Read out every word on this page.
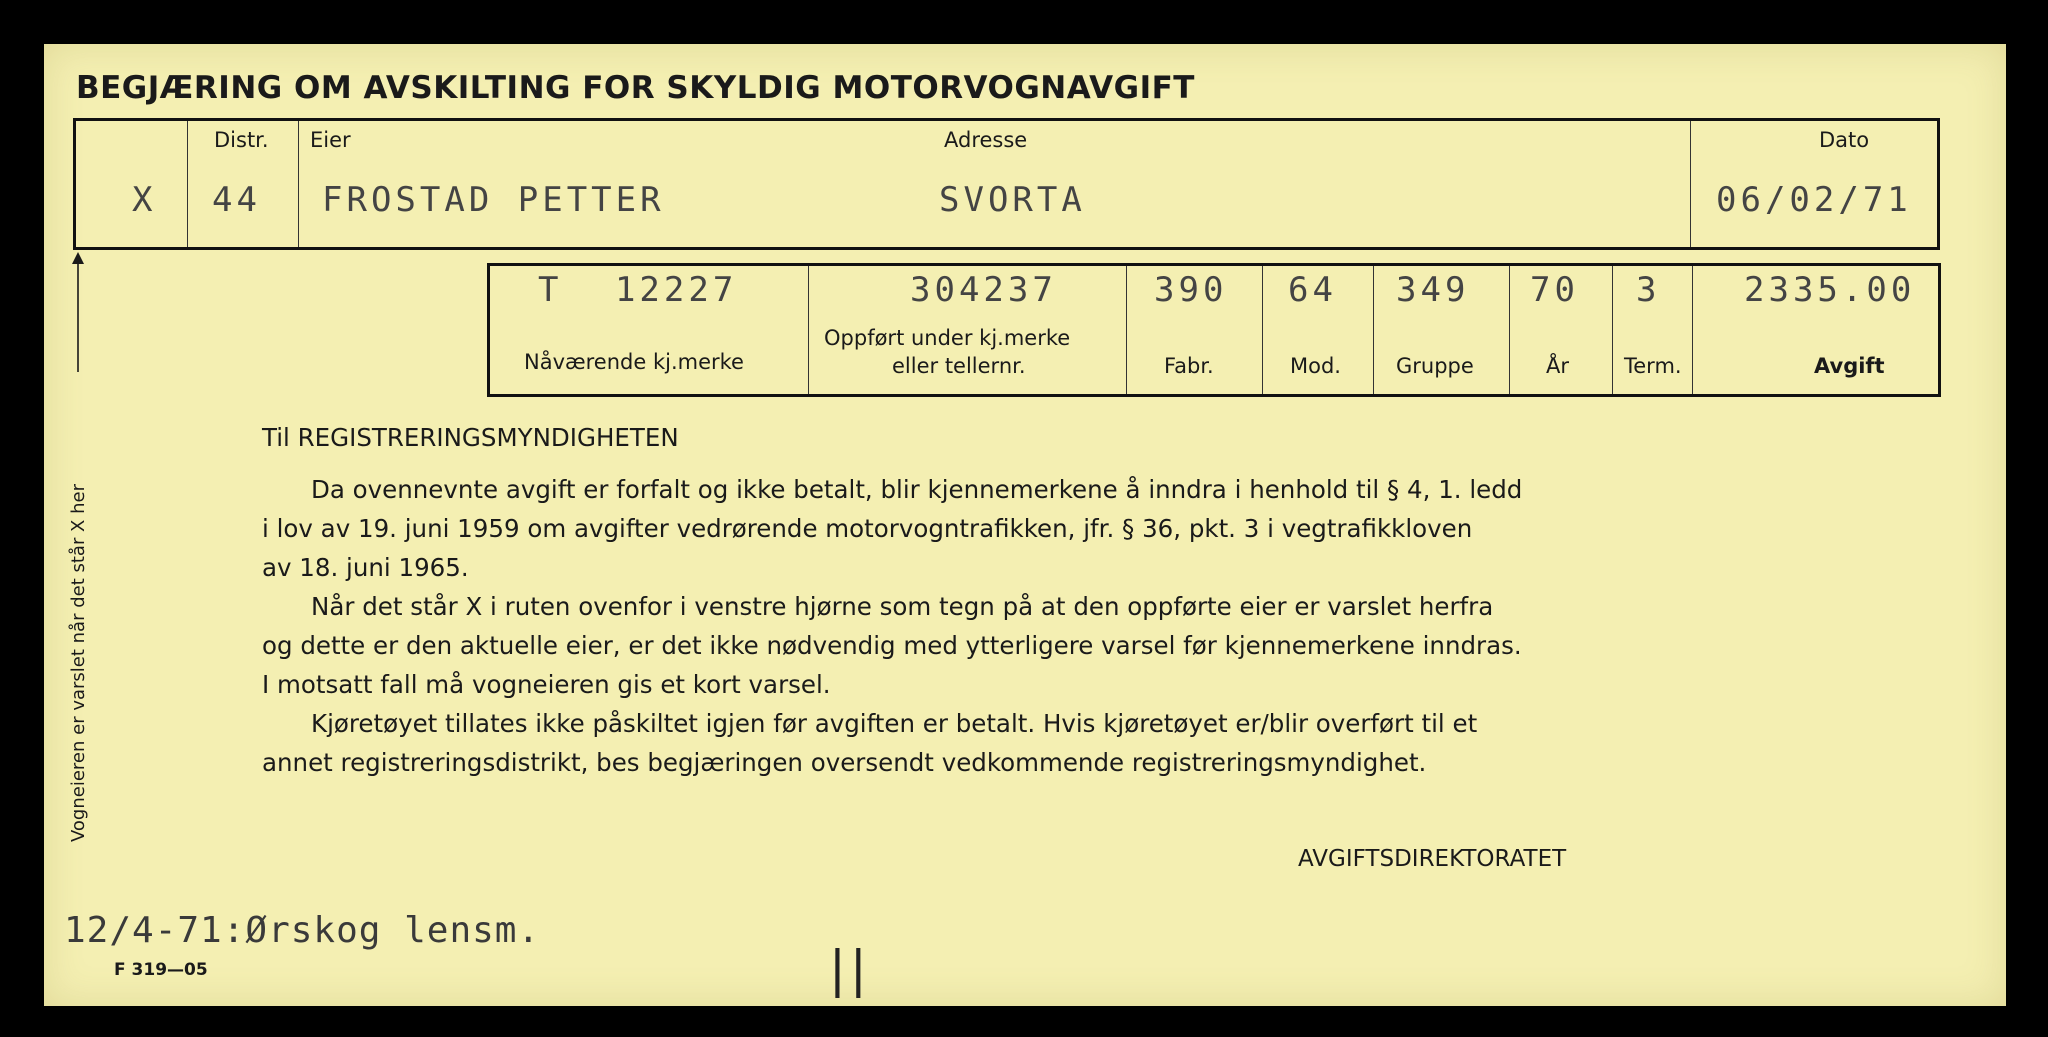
BEGJÆRING OM AVSKILTING FOR SKYLDIG MOTORVOGNAVGIFT
X
Distr.
44
Eier
FROSTAD PETTER
Adresse
SVORTA
Dato
06/02/71
T 12227
Nåværende kj.merke
304237
Oppført under kj.merke
eller tellernr.
390
Fabr.
64
Mod.
349
Gruppe
70
År
3
Term.
2335.00
Avgift
Vogneieren er varslet når det står X her
Til REGISTRERINGSMYNDIGHETEN
Da ovennevnte avgift er forfalt og ikke betalt, blir kjennemerkene å inndra i henhold til § 4, 1. ledd
i lov av 19. juni 1959 om avgifter vedrørende motorvogntrafikken, jfr. § 36, pkt. 3 i vegtrafikkloven
av 18. juni 1965.
Når det står X i ruten ovenfor i venstre hjørne som tegn på at den oppførte eier er varslet herfra
og dette er den aktuelle eier, er det ikke nødvendig med ytterligere varsel før kjennemerkene inndras.
I motsatt fall må vogneieren gis et kort varsel.
Kjøretøyet tillates ikke påskiltet igjen før avgiften er betalt. Hvis kjøretøyet er/blir overført til et
annet registreringsdistrikt, bes begjæringen oversendt vedkommende registreringsmyndighet.
AVGIFTSDIREKTORATET
12/4-71:Ørskog lensm.
F 319—05	||
